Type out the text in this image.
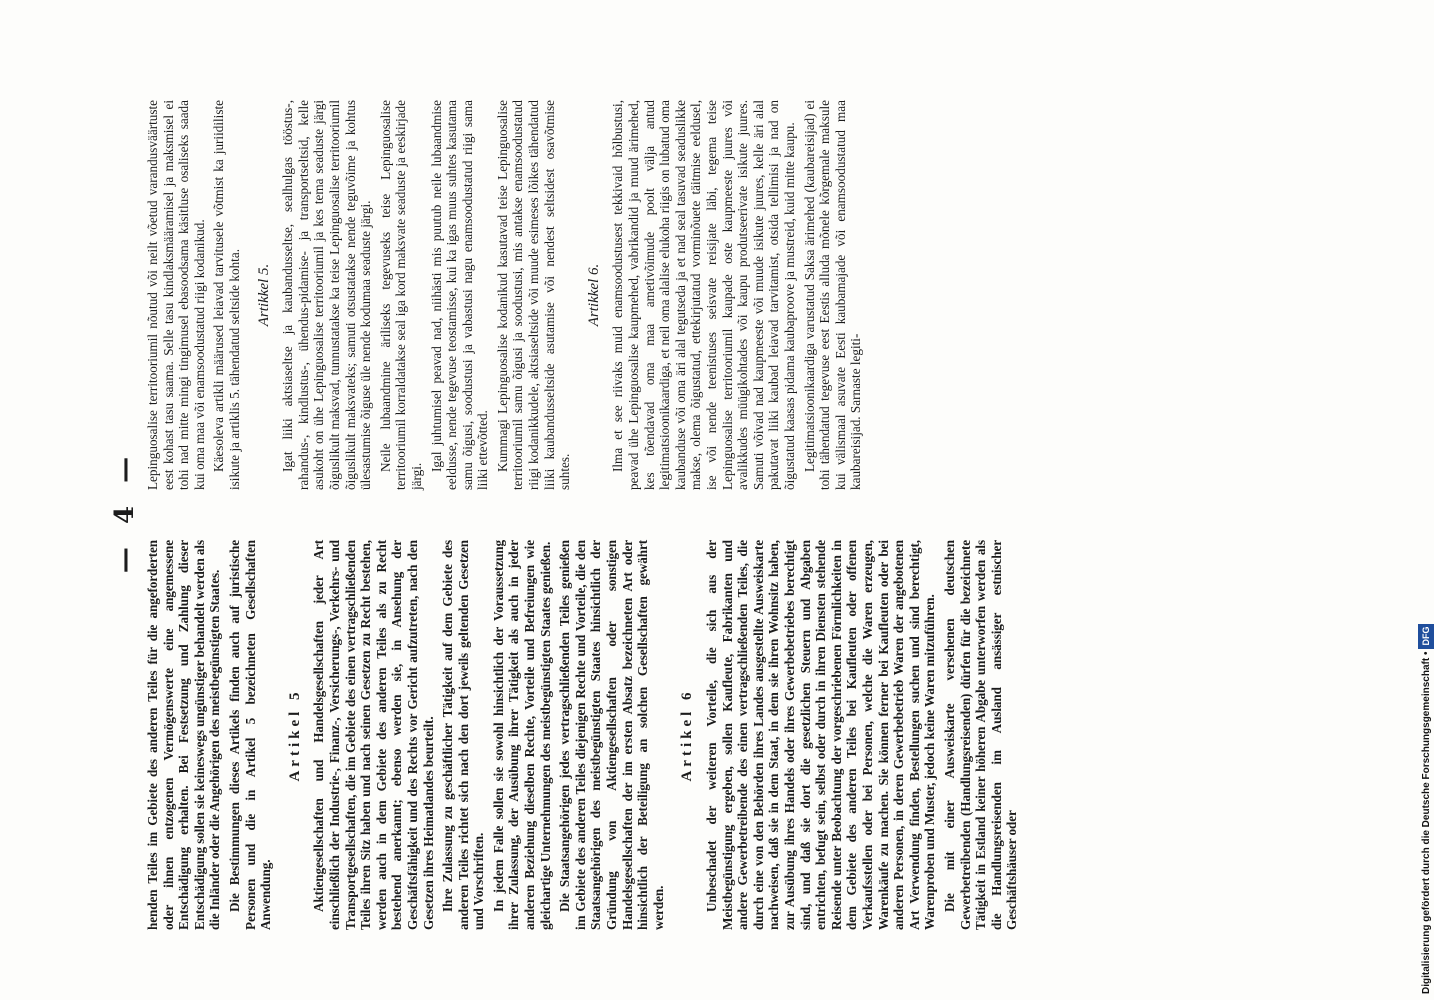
— 4 —

henden Teiles im Gebiete des anderen Teiles für die angeforderten oder ihnen entzogenen Vermögenswerte eine angemessene Entschädigung erhalten. Bei Festsetzung und Zahlung dieser Entschädigung sollen sie keineswegs ungünstiger behandelt werden als die Inländer oder die Angehörigen des meistbegünstigten Staates. Die Bestimmungen dieses Artikels finden auch auf juristische Personen und die in Artikel 5 bezeichneten Gesellschaften Anwendung.

Artikel 5 Aktiengesellschaften und Handelsgesellschaften jeder Art einschließlich der Industrie-, Finanz-, Versicherungs-, Verkehrs- und Transportgesellschaften, die im Gebiete des einen vertragschließenden Teiles ihren Sitz haben und nach seinen Gesetzen zu Recht bestehen, werden auch in dem Gebiete des anderen Teiles als zu Recht bestehend anerkannt; ebenso werden sie, in Ansehung der Geschäftsfähigkeit und des Rechts vor Gericht aufzutreten, nach den Gesetzen ihres Heimatlandes beurteilt. Ihre Zulassung zu geschäftlicher Tätigkeit auf dem Gebiete des anderen Teiles richtet sich nach den dort jeweils geltenden Gesetzen und Vorschriften. In jedem Falle sollen sie sowohl hinsichtlich der Voraussetzung ihrer Zulassung, der Ausübung ihrer Tätigkeit als auch in jeder anderen Beziehung dieselben Rechte, Vorteile und Befreiungen wie gleichartige Unternehmungen des meistbegünstigten Staates genießen. Die Staatsangehörigen jedes vertragschließenden Teiles genießen im Gebiete des anderen Teiles diejenigen Rechte und Vorteile, die den Staatsangehörigen des meistbegünstigten Staates hinsichtlich der Gründung von Aktiengesellschaften oder sonstigen Handelsgesellschaften der im ersten Absatz bezeichneten Art oder hinsichtlich der Beteiligung an solchen Gesellschaften gewährt werden.

Artikel 6 Unbeschadet der weiteren Vorteile, die sich aus der Meistbegünstigung ergeben, sollen Kaufleute, Fabrikanten und andere Gewerbetreibende des einen vertragschließenden Teiles, die durch eine von den Behörden ihres Landes ausgestellte Ausweiskarte nachweisen, daß sie in dem Staat, in dem sie ihren Wohnsitz haben, zur Ausübung ihres Handels oder ihres Gewerbebetriebes berechtigt sind, und daß sie dort die gesetzlichen Steuern und Abgaben entrichten, befugt sein, selbst oder durch in ihren Diensten stehende Reisende unter Beobachtung der vorgeschriebenen Förmlichkeiten in dem Gebiete des anderen Teiles bei Kaufleuten oder offenen Verkaufsstellen oder bei Personen, welche die Waren erzeugen, Warenkäufe zu machen. Sie können ferner bei Kaufleuten oder bei anderen Personen, in deren Gewerbebetrieb Waren der angebotenen Art Verwendung finden, Bestellungen suchen und sind berechtigt, Warenproben und Muster, jedoch keine Waren mitzuführen. Die mit einer Ausweiskarte versehenen deutschen Gewerbetreibenden (Handlungsreisenden) dürfen für die bezeichnete Tätigkeit in Estland keiner höheren Abgabe unterworfen werden als die Handlungsreisenden im Ausland ansässiger estnischer Geschäftshäuser oder

Lepinguosalise territooriumil nõutud või neilt võetud varandusväärtuste eest kohast tasu saama. Selle tasu kindlaksmääramisel ja maksmisel ei tohi nad mitte mingi tingimusel ebasoodsama käsitluse osaliseks saada kui oma maa või enamsoodustatud riigi kodanikud. Käesoleva artikli määrused leiavad tarvitusele võtmist ka juriidiliste isikute ja artiklis 5. tähendatud seltside kohta. Artikkel 5. Igat liiki aktsiaseltse ja kaubandusseltse, sealhulgas tööstus-, rahandus-, kindlustus-, ühendus-pidamise- ja transportseltsid, kelle asukoht on ühe Lepinguosalise territooriumil ja kes tema seaduste järgi õiguslikult maksvad, tunnustatakse ka teise Lepinguosalise territooriumil õiguslikult maksvateks; samuti otsustatakse nende teguvõime ja kohtus ülesastumise õiguse üle nende kodumaa seaduste järgi. Neile lubaandmine äriliseks tegevuseks teise Lepinguosalise territooriumil korraldatakse seal iga kord maksvate seaduste ja eeskirjade järgi.

Igal juhtumisel peavad nad, niihästi mis puutub neile lubaandmise eeldusse, nende tegevuse teostamisse, kui ka igas muus suhtes kasutama samu õigusi, soodustusi ja vabastusi nagu enamsoodustatud riigi sama liiki ettevõtted. Kummagi Lepinguosalise kodanikud kasutavad teise Lepinguosalise territooriumil samu õigusi ja soodustusi, mis antakse enamsoodustatud riigi kodanikkudele, aktsiaseltside või muude esimeses lõikes tähendatud liiki kaubandusseltside asutamise või nendest seltsidest osavõtmise suhtes.

Artikkel 6. Ilma et see riivaks muid enamsoodustusest tekkivaid hõlbustusi, peavad ühe Lepinguosalise kaupmehed, vabrikandid ja muud ärimehed, kes tõendavad oma maa ametivõimude poolt välja antud legitimatsioonikaardiga, et neil oma alalise elukoha riigis on lubatud oma kaubanduse või oma äri alal tegutseda ja et nad seal tasuvad seaduslikke makse, olema õigustatud, ettekirjutatud vorminõuete täitmise eeldusel, ise või nende teenistuses seisvate reisijate läbi, tegema teise Lepinguosalise territooriumil kaupade oste kaupmeeste juures või avalikkudes müügikohtades või kaupu produtseerivate isikute juures. Samuti võivad nad kaupmeeste või muude isikute juures, kelle äri alal pakutavat liiki kaubad leiavad tarvitamist, otsida tellimisi ja nad on õigustatud kaasas pidama kaubaproove ja mustreid, kuid mitte kaupu. Legitimatsioonikaardiga varustatud Saksa ärimehed (kaubareisijad) ei tohi tähendatud tegevuse eest Eestis alluda mõnele kõrgemale maksule kui välismaal asuvate Eesti kaubamajade või enamsoodustatud maa kaubareisijad. Sarnaste legiti-

Digitalisierung gefördert durch die Deutsche Forschungsgemeinschaft •DFG
